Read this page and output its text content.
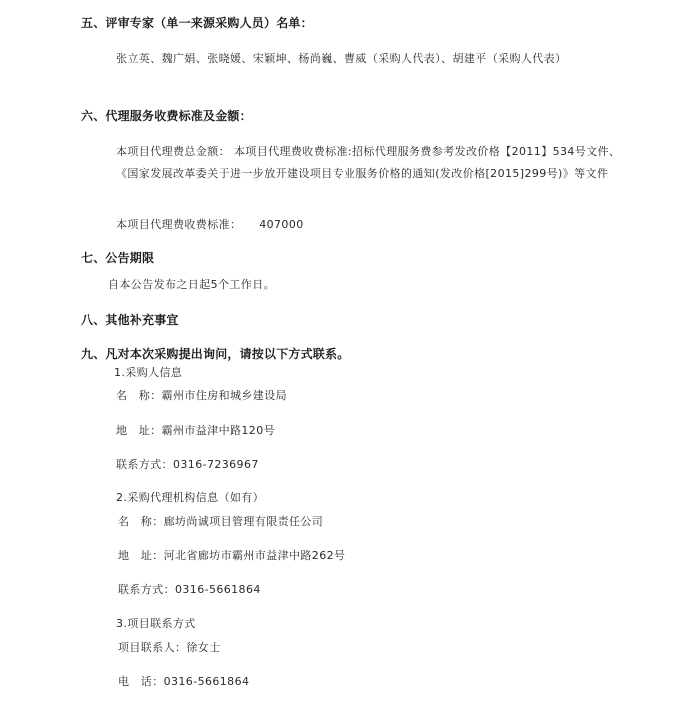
五、评审专家（单一来源采购人员）名单：
张立英、魏广娟、张晓媛、宋颖坤、杨尚巍、曹威（采购人代表）、胡建平（采购人代表）
六、代理服务收费标准及金额：
本项目代理费总金额： 本项目代理费收费标准:招标代理服务费参考发改价格【2011】534号文件、《国家发展改革委关于进一步放开建设项目专业服务价格的通知(发改价格[2015]299号)》等文件
本项目代理费收费标准： 407000
七、公告期限
自本公告发布之日起5个工作日。
八、其他补充事宜
九、凡对本次采购提出询问，请按以下方式联系。
1.采购人信息
名　称：霸州市住房和城乡建设局
地　址：霸州市益津中路120号
联系方式：0316-7236967
2.采购代理机构信息（如有）
名　称：廊坊尚诚项目管理有限责任公司
地　址：河北省廊坊市霸州市益津中路262号
联系方式：0316-5661864
3.项目联系方式
项目联系人：徐女士
电　话：0316-5661864
